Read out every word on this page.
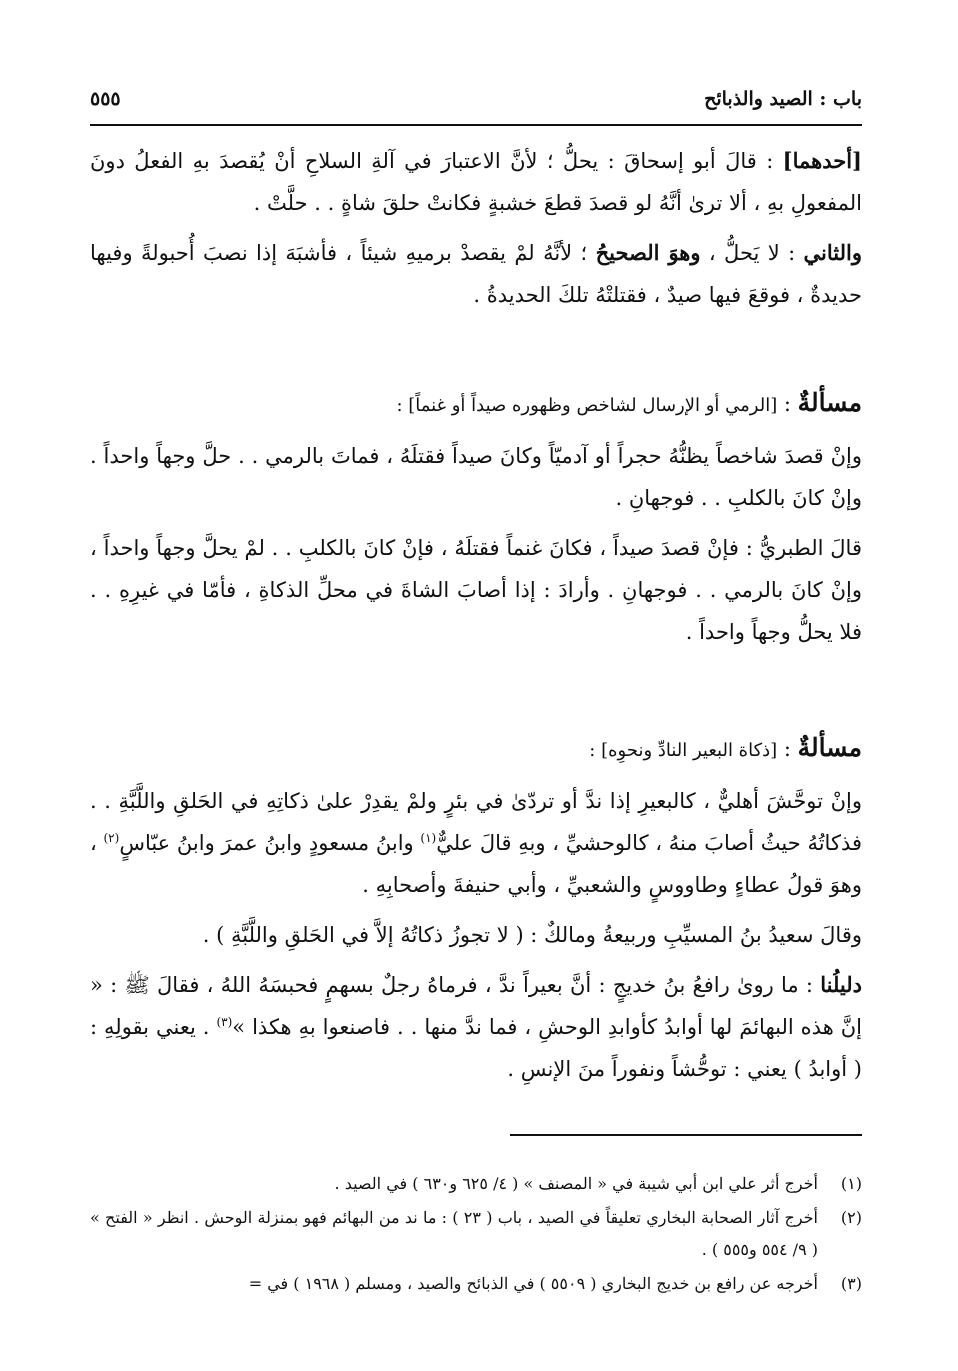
باب : الصيد والذبائح
٥٥٥

[أحدهما] : قالَ أبو إسحاقَ : يحلُّ ؛ لأنَّ الاعتبارَ في آلةِ السلاحِ أنْ يُقصدَ بهِ الفعلُ دونَ المفعولِ بهِ ، ألا ترىٰ أنَّهُ لو قصدَ قطعَ خشبةٍ فكانتْ حلقَ شاةٍ . . حلَّتْ .

والثاني : لا يَحلُّ ، وهوَ الصحيحُ ؛ لأنَّهُ لمْ يقصدْ برميهِ شيئاً ، فأشبَهَ إذا نصبَ أُحبولةً وفيها حديدةٌ ، فوقعَ فيها صيدٌ ، فقتلتْهُ تلكَ الحديدةُ .

مسألةٌ : [الرمي أو الإرسال لشاخص وظهوره صيداً أو غنماً] :

وإنْ قصدَ شاخصاً يظنُّهُ حجراً أو آدميّاً وكانَ صيداً فقتلَهُ ، فماتَ بالرمي . . حلَّ وجهاً واحداً . وإنْ كانَ بالكلبِ . . فوجهانِ .

قالَ الطبريُّ : فإنْ قصدَ صيداً ، فكانَ غنماً فقتلَهُ ، فإنْ كانَ بالكلبِ . . لمْ يحلَّ وجهاً واحداً ، وإنْ كانَ بالرمي . . فوجهانِ . وأرادَ : إذا أصابَ الشاةَ في محلِّ الذكاةِ ، فأمّا في غيرِهِ . . فلا يحلُّ وجهاً واحداً .

مسألةٌ : [ذكاة البعير النادِّ ونحوِه] :

وإنْ توحَّشَ أهليٌّ ، كالبعيرِ إذا ندَّ أو تردّىٰ في بئرٍ ولمْ يقدِرْ علىٰ ذكاتِهِ في الحَلقِ واللَّبَّةِ . . فذكاتُهُ حيثُ أصابَ منهُ ، كالوحشيِّ ، وبهِ قالَ عليٌّ$^{(١)}$ وابنُ مسعودٍ وابنُ عمرَ وابنُ عبّاسٍ$^{(٢)}$ ، وهوَ قولُ عطاءٍ وطاووسٍ والشعبيِّ ، وأبي حنيفةَ وأصحابِهِ .

وقالَ سعيدُ بنُ المسيِّبِ وربيعةُ ومالكٌ : ( لا تجوزُ ذكاتُهُ إلاَّ في الحَلقِ واللَّبَّةِ ) .

دليلُنا : ما روىٰ رافعُ بنُ خديجٍ : أنَّ بعيراً ندَّ ، فرماهُ رجلٌ بسهمٍ فحبسَهُ اللهُ ، فقالَ ﷺ : « إنَّ هذه البهائمَ لها أوابدُ كأوابدِ الوحشِ ، فما ندَّ منها . . فاصنعوا بهِ هكذا »$^{(٣)}$ . يعني بقولِهِ : ( أوابدُ ) يعني : توحُّشاً ونفوراً منَ الإنسِ .

(١)
أخرج أثر علي ابن أبي شيبة في « المصنف » ( ٤/ ٦٢٥ و٦٣٠ ) في الصيد .
(٢)
أخرج آثار الصحابة البخاري تعليقاً في الصيد ، باب ( ٢٣ ) : ما ند من البهائم فهو بمنزلة الوحش . انظر « الفتح » ( ٩/ ٥٥٤ و٥٥٥ ) .
(٣)
أخرجه عن رافع بن خديج البخاري ( ٥٥٠٩ ) في الذبائح والصيد ، ومسلم ( ١٩٦٨ ) في =
